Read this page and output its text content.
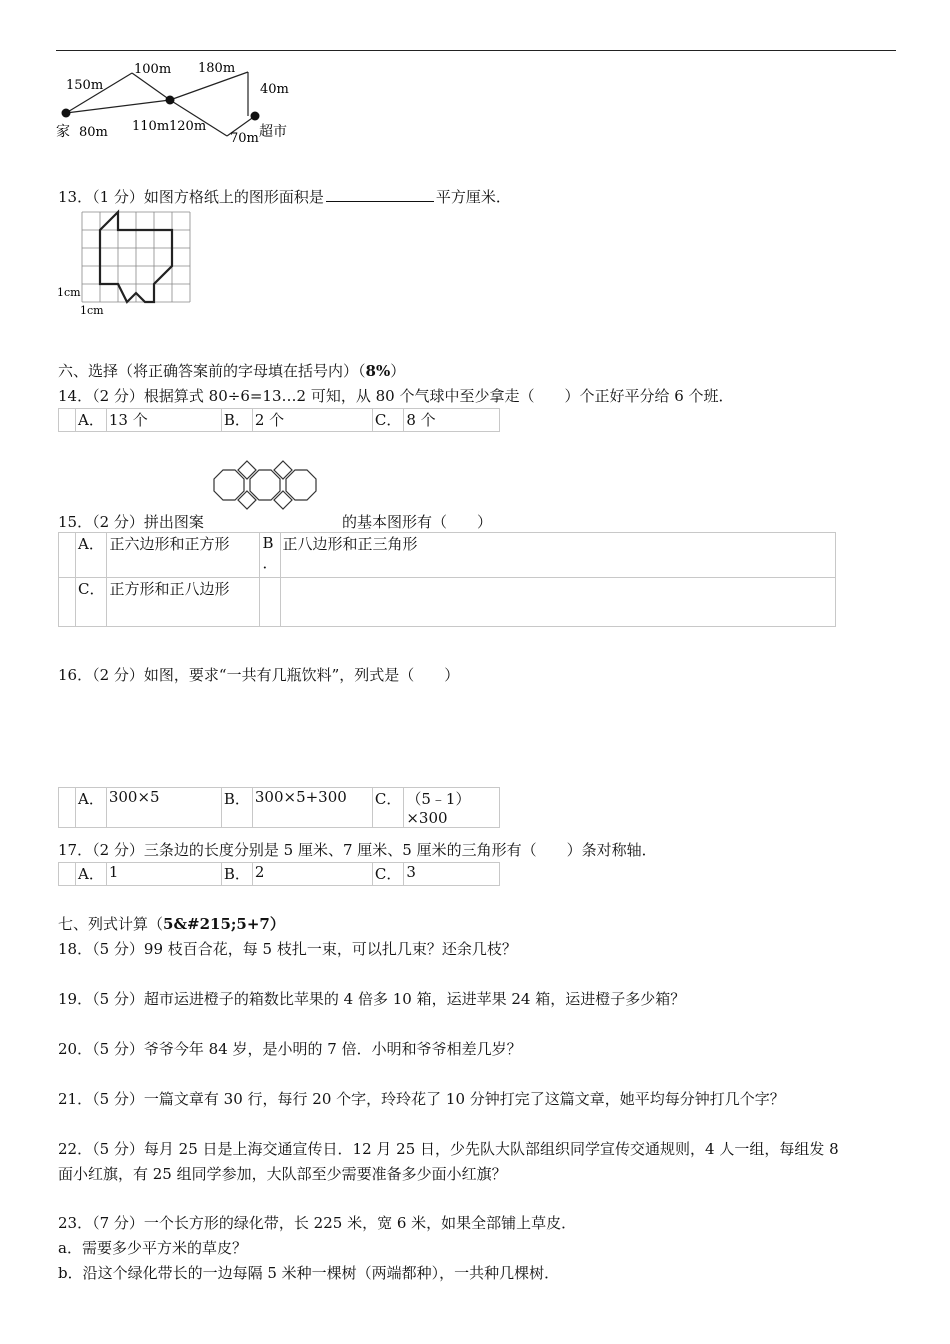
150m
100m 180m
40m
家 80m 110m 120m
70m 超市
13．（1 分）如图方格纸上的图形面积是	平方厘米．
1cm
1cm
六、选择（将正确答案前的字母填在括号内）（8%）
14．（2 分）根据算式 80÷6=13…2 可知，从 80 个气球中至少拿走（　　）个正好平分给 6 个班．
	A．	13 个	B．	2 个	C．	8 个
15．（2 分）拼出图案	的基本图形有（　　）
	A．	正六边形和正方形	B
．	正八边形和正三角形
	C．	正方形和正八边形		
16．（2 分）如图，要求“一共有几瓶饮料”，列式是（　　）
	A．	300×5	B．	300×5+300	C．	（5﹣1）×300
17．（2 分）三条边的长度分别是 5 厘米、7 厘米、5 厘米的三角形有（　　）条对称轴．
	A．	1	B．	2	C．	3
七、列式计算（5&#215;5+7）
18．（5 分）99 枝百合花，每 5 枝扎一束，可以扎几束？还余几枝？
19．（5 分）超市运进橙子的箱数比苹果的 4 倍多 10 箱，运进苹果 24 箱，运进橙子多少箱？
20．（5 分）爷爷今年 84 岁，是小明的 7 倍．小明和爷爷相差几岁？
21．（5 分）一篇文章有 30 行，每行 20 个字，玲玲花了 10 分钟打完了这篇文章，她平均每分钟打几个字？
22．（5 分）每月 25 日是上海交通宣传日．12 月 25 日，少先队大队部组织同学宣传交通规则，4 人一组，每组发 8
面小红旗，有 25 组同学参加，大队部至少需要准备多少面小红旗？
23．（7 分）一个长方形的绿化带，长 225 米，宽 6 米，如果全部铺上草皮．
a．需要多少平方米的草皮？
b．沿这个绿化带长的一边每隔 5 米种一棵树（两端都种），一共种几棵树．
